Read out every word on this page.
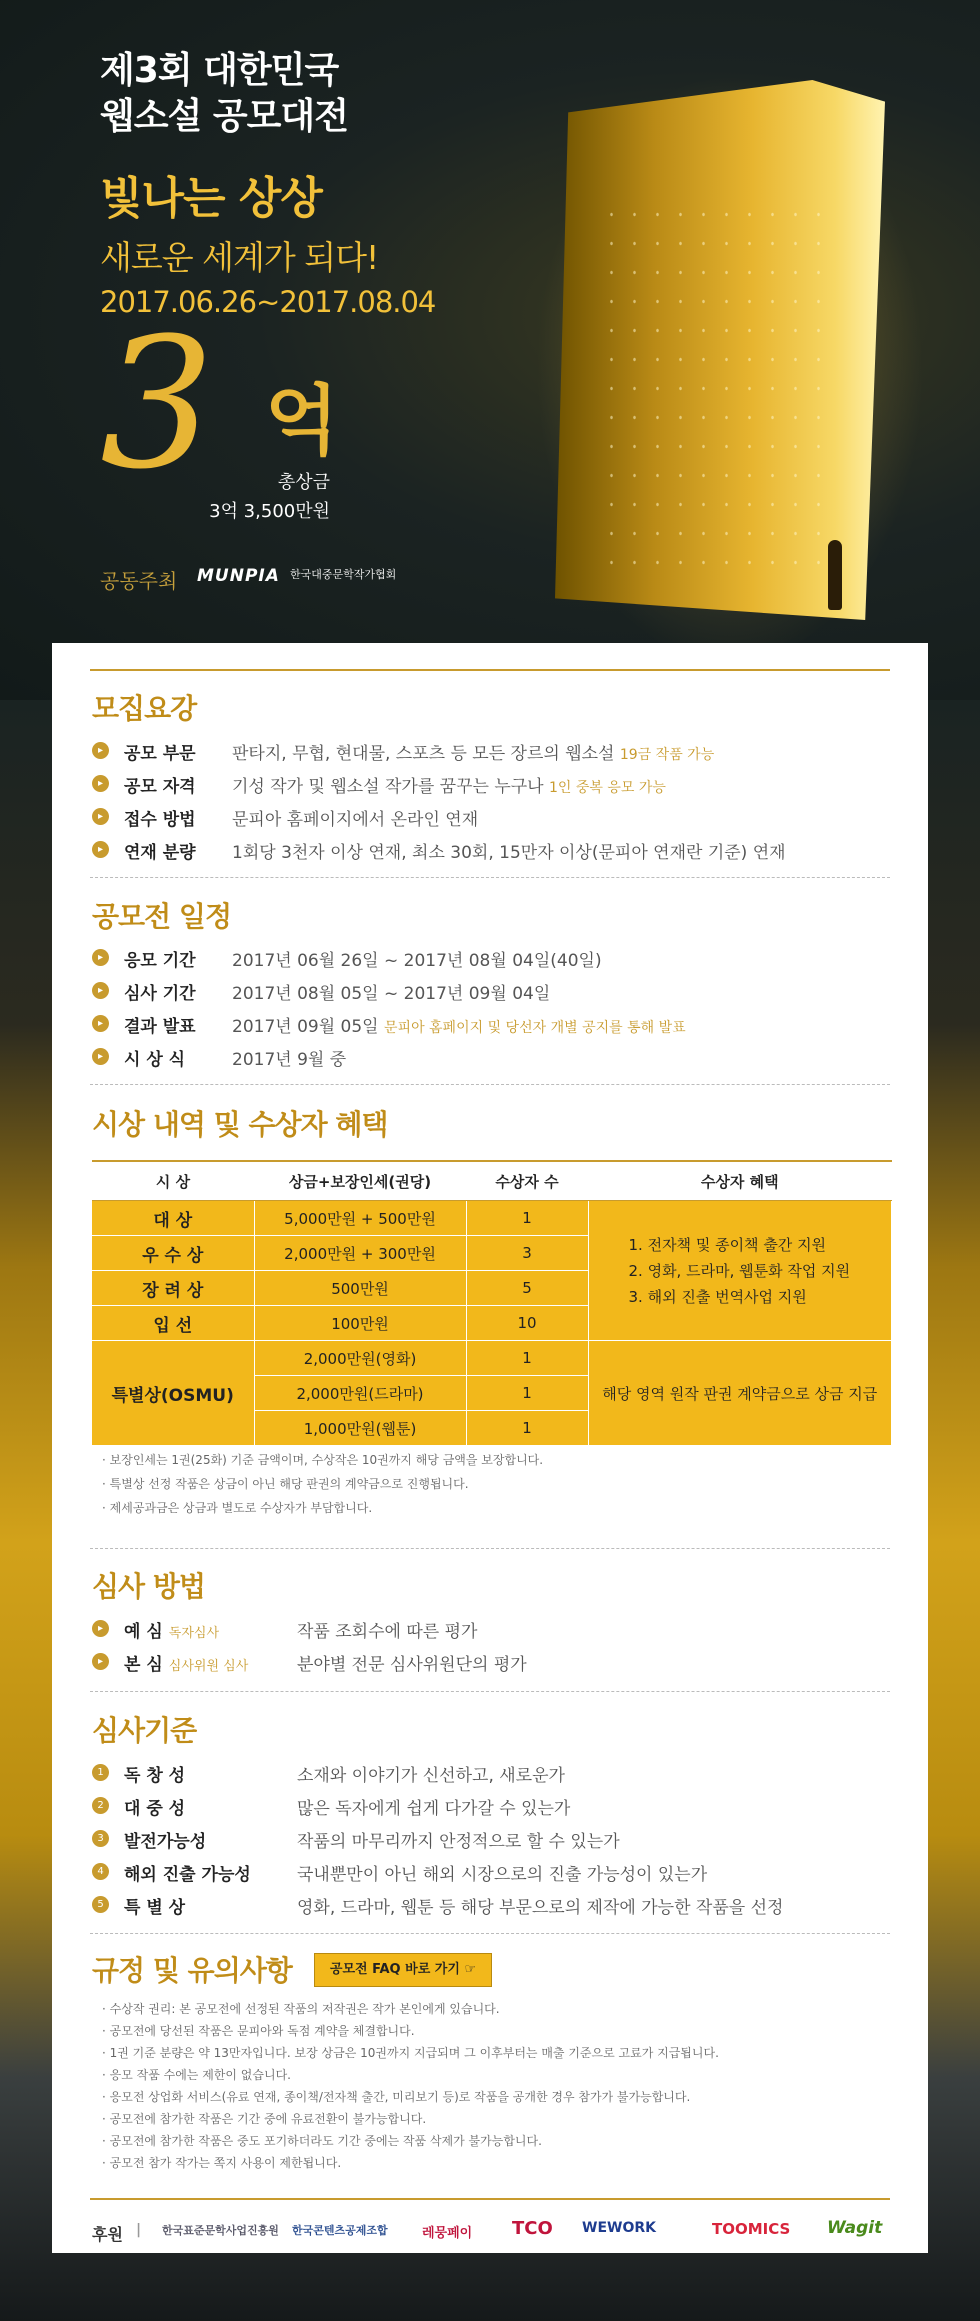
제3회 대한민국
웹소설 공모대전
빛나는 상상
새로운 세계가 되다!
2017.06.26~2017.08.04
3 억
총상금
3억 3,500만원
공동주최 MUNPIA 한국대중문학작가협회
모집요강
▸	공모 부문 판타지, 무협, 현대물, 스포츠 등 모든 장르의 웹소설 19금 작품 가능
▸	공모 자격 기성 작가 및 웹소설 작가를 꿈꾸는 누구나 1인 중복 응모 가능
▸	접수 방법 문피아 홈페이지에서 온라인 연재
▸	연재 분량 1회당 3천자 이상 연재, 최소 30회, 15만자 이상(문피아 연재란 기준) 연재
공모전 일정
▸	응모 기간 2017년 06월 26일 ~ 2017년 08월 04일(40일)
▸	심사 기간 2017년 08월 05일 ~ 2017년 09월 04일
▸	결과 발표 2017년 09월 05일 문피아 홈페이지 및 당선자 개별 공지를 통해 발표
▸	시 상 식	2017년 9월 중
시상 내역 및 수상자 혜택
시 상	상금+보장인세(권당)	수상자 수	수상자 혜택
대 상	5,000만원 + 500만원	1	1. 전자책 및 종이책 출간 지원
2. 영화, 드라마, 웹툰화 작업 지원
3. 해외 진출 번역사업 지원

우 수 상	2,000만원 + 300만원	3	
장 려 상	500만원	5	
입 선	100만원	10	
특별상(OSMU)	2,000만원(영화)	1	해당 영역 원작 판권 계약금으로 상금 지급
	2,000만원(드라마)	1	
	1,000만원(웹툰)	1	
· 보장인세는 1권(25화) 기준 금액이며, 수상작은 10권까지 해당 금액을 보장합니다.
· 특별상 선정 작품은 상금이 아닌 해당 판권의 계약금으로 진행됩니다.
· 제세공과금은 상금과 별도로 수상자가 부담합니다.
심사 방법
▸	예 심 독자심사	작품 조회수에 따른 평가
▸	본 심 심사위원 심사	분야별 전문 심사위원단의 평가
심사기준
1	독 창 성	소재와 이야기가 신선하고, 새로운가
2	대 중 성	많은 독자에게 쉽게 다가갈 수 있는가
3	발전가능성	작품의 마무리까지 안정적으로 할 수 있는가
4	해외 진출 가능성	국내뿐만이 아닌 해외 시장으로의 진출 가능성이 있는가
5	특 별 상	영화, 드라마, 웹툰 등 해당 부문으로의 제작에 가능한 작품을 선정
규정 및 유의사항	공모전 FAQ 바로 가기 ☞
· 수상작 권리: 본 공모전에 선정된 작품의 저작권은 작가 본인에게 있습니다.
· 공모전에 당선된 작품은 문피아와 독점 계약을 체결합니다.
· 1권 기준 분량은 약 13만자입니다. 보장 상금은 10권까지 지급되며 그 이후부터는 매출 기준으로 고료가 지급됩니다.
· 응모 작품 수에는 제한이 없습니다.
· 응모전 상업화 서비스(유료 연재, 종이책/전자책 출간, 미리보기 등)로 작품을 공개한 경우 참가가 불가능합니다.
· 공모전에 참가한 작품은 기간 중에 유료전환이 불가능합니다.
· 공모전에 참가한 작품은 중도 포기하더라도 기간 중에는 작품 삭제가 불가능합니다.
· 공모전 참가 작가는 쪽지 사용이 제한됩니다.
후원 | 한국표준문학사업진흥원 한국콘텐츠공제조합	레뭉페이 TCO WEWORK	TOOMICS Wagit
